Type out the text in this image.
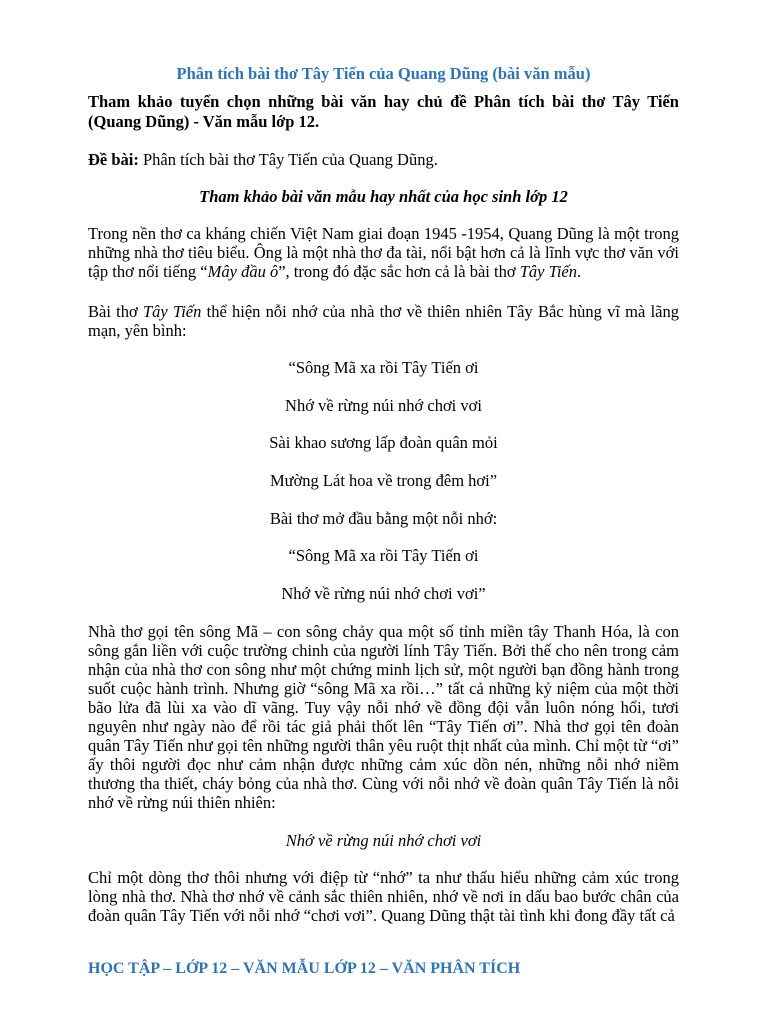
Phân tích bài thơ Tây Tiến của Quang Dũng (bài văn mẫu)

Tham khảo tuyển chọn những bài văn hay chủ đề Phân tích bài thơ Tây Tiến (Quang Dũng) - Văn mẫu lớp 12.

Đề bài: Phân tích bài thơ Tây Tiến của Quang Dũng.

Tham khảo bài văn mẫu hay nhất của học sinh lớp 12

Trong nền thơ ca kháng chiến Việt Nam giai đoạn 1945 -1954, Quang Dũng là một trong những nhà thơ tiêu biểu. Ông là một nhà thơ đa tài, nổi bật hơn cả là lĩnh vực thơ văn với tập thơ nổi tiếng “Mây đầu ô”, trong đó đặc sắc hơn cả là bài thơ Tây Tiến.

Bài thơ Tây Tiến thể hiện nỗi nhớ của nhà thơ về thiên nhiên Tây Bắc hùng vĩ mà lãng mạn, yên bình:

“Sông Mã xa rồi Tây Tiến ơi

Nhớ về rừng núi nhớ chơi vơi

Sài khao sương lấp đoàn quân mỏi

Mường Lát hoa về trong đêm hơi”

Bài thơ mở đầu bằng một nỗi nhớ:

“Sông Mã xa rồi Tây Tiến ơi

Nhớ về rừng núi nhớ chơi vơi”

Nhà thơ gọi tên sông Mã – con sông chảy qua một số tỉnh miền tây Thanh Hóa, là con sông gắn liền với cuộc trường chinh của người lính Tây Tiến. Bởi thế cho nên trong cảm nhận của nhà thơ con sông như một chứng minh lịch sử, một người bạn đồng hành trong suốt cuộc hành trình. Nhưng giờ “sông Mã xa rồi…” tất cả những kỷ niệm của một thời bão lửa đã lùi xa vào dĩ vãng. Tuy vậy nỗi nhớ về đồng đội vẫn luôn nóng hổi, tươi nguyên như ngày nào để rồi tác giả phải thốt lên “Tây Tiến ơi”. Nhà thơ gọi tên đoàn quân Tây Tiến như gọi tên những người thân yêu ruột thịt nhất của mình. Chỉ một từ “ơi” ấy thôi người đọc như cảm nhận được những cảm xúc dồn nén, những nỗi nhớ niềm thương tha thiết, cháy bỏng của nhà thơ. Cùng với nỗi nhớ về đoàn quân Tây Tiến là nỗi nhớ về rừng núi thiên nhiên:

Nhớ về rừng núi nhớ chơi vơi

Chỉ một dòng thơ thôi nhưng với điệp từ “nhớ” ta như thấu hiểu những cảm xúc trong lòng nhà thơ. Nhà thơ nhớ về cảnh sắc thiên nhiên, nhớ về nơi in dấu bao bước chân của đoàn quân Tây Tiến với nỗi nhớ “chơi vơi”. Quang Dũng thật tài tình khi đong đầy tất cả

HỌC TẬP – LỚP 12 – VĂN MẪU LỚP 12 – VĂN PHÂN TÍCH
